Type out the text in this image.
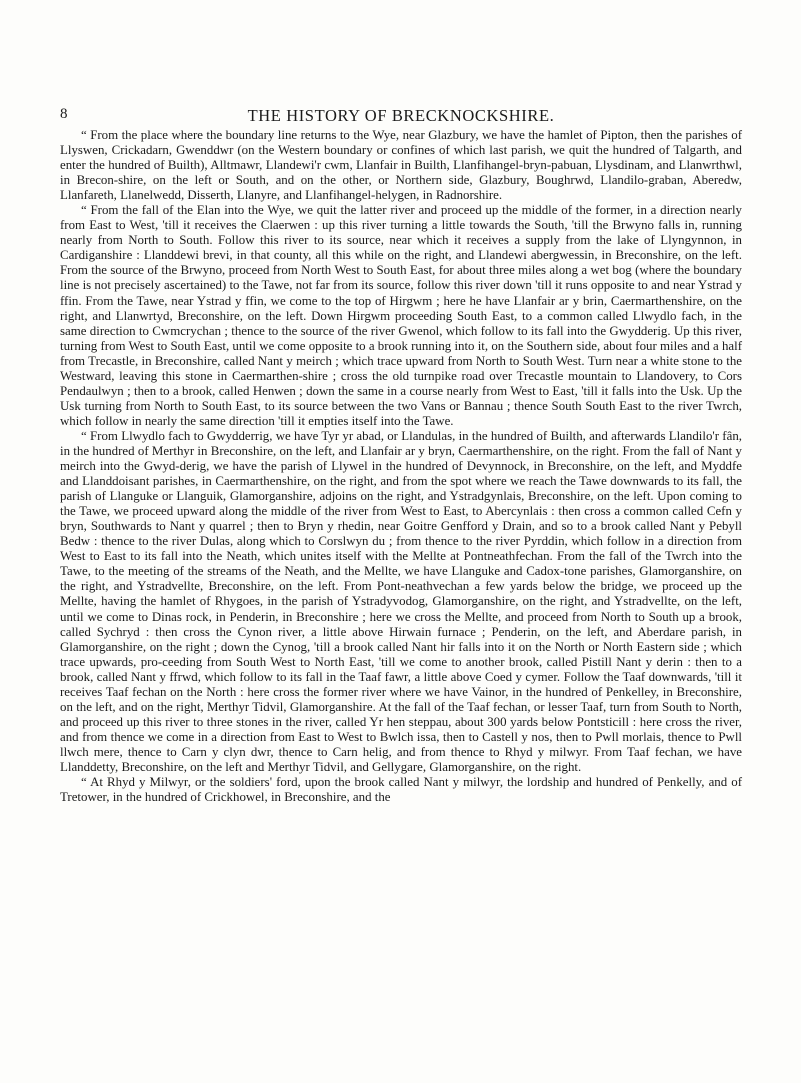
8	THE HISTORY OF BRECKNOCKSHIRE.

“ From the place where the boundary line returns to the Wye, near Glazbury, we have the hamlet of Pipton, then the parishes of Llyswen, Crickadarn, Gwenddwr (on the Western boundary or confines of which last parish, we quit the hundred of Talgarth, and enter the hundred of Builth), Alltmawr, Llandewi'r cwm, Llanfair in Builth, Llanfihangel-bryn-pabuan, Llysdinam, and Llanwrthwl, in Brecon-shire, on the left or South, and on the other, or Northern side, Glazbury, Boughrwd, Llandilo-graban, Aberedw, Llanfareth, Llanelwedd, Disserth, Llanyre, and Llanfihangel-helygen, in Radnorshire.

“ From the fall of the Elan into the Wye, we quit the latter river and proceed up the middle of the former, in a direction nearly from East to West, 'till it receives the Claerwen : up this river turning a little towards the South, 'till the Brwyno falls in, running nearly from North to South. Follow this river to its source, near which it receives a supply from the lake of Llyngynnon, in Cardiganshire : Llanddewi brevi, in that county, all this while on the right, and Llandewi abergwessin, in Breconshire, on the left. From the source of the Brwyno, proceed from North West to South East, for about three miles along a wet bog (where the boundary line is not precisely ascertained) to the Tawe, not far from its source, follow this river down 'till it runs opposite to and near Ystrad y ffin. From the Tawe, near Ystrad y ffin, we come to the top of Hirgwm ; here he have Llanfair ar y brin, Caermarthenshire, on the right, and Llanwrtyd, Breconshire, on the left. Down Hirgwm proceeding South East, to a common called Llwydlo fach, in the same direction to Cwmcrychan ; thence to the source of the river Gwenol, which follow to its fall into the Gwydderig. Up this river, turning from West to South East, until we come opposite to a brook running into it, on the Southern side, about four miles and a half from Trecastle, in Breconshire, called Nant y meirch ; which trace upward from North to South West. Turn near a white stone to the Westward, leaving this stone in Caermarthen-shire ; cross the old turnpike road over Trecastle mountain to Llandovery, to Cors Pendaulwyn ; then to a brook, called Henwen ; down the same in a course nearly from West to East, 'till it falls into the Usk. Up the Usk turning from North to South East, to its source between the two Vans or Bannau ; thence South South East to the river Twrch, which follow in nearly the same direction 'till it empties itself into the Tawe.

“ From Llwydlo fach to Gwydderrig, we have Tyr yr abad, or Llandulas, in the hundred of Builth, and afterwards Llandilo'r fân, in the hundred of Merthyr in Breconshire, on the left, and Llanfair ar y bryn, Caermarthenshire, on the right. From the fall of Nant y meirch into the Gwyd-derig, we have the parish of Llywel in the hundred of Devynnock, in Breconshire, on the left, and Myddfe and Llanddoisant parishes, in Caermarthenshire, on the right, and from the spot where we reach the Tawe downwards to its fall, the parish of Llanguke or Llanguik, Glamorganshire, adjoins on the right, and Ystradgynlais, Breconshire, on the left. Upon coming to the Tawe, we proceed upward along the middle of the river from West to East, to Abercynlais : then cross a common called Cefn y bryn, Southwards to Nant y quarrel ; then to Bryn y rhedin, near Goitre Genfford y Drain, and so to a brook called Nant y Pebyll Bedw : thence to the river Dulas, along which to Corslwyn du ; from thence to the river Pyrddin, which follow in a direction from West to East to its fall into the Neath, which unites itself with the Mellte at Pontneathfechan. From the fall of the Twrch into the Tawe, to the meeting of the streams of the Neath, and the Mellte, we have Llanguke and Cadox-tone parishes, Glamorganshire, on the right, and Ystradvellte, Breconshire, on the left. From Pont-neathvechan a few yards below the bridge, we proceed up the Mellte, having the hamlet of Rhygoes, in the parish of Ystradyvodog, Glamorganshire, on the right, and Ystradvellte, on the left, until we come to Dinas rock, in Penderin, in Breconshire ; here we cross the Mellte, and proceed from North to South up a brook, called Sychryd : then cross the Cynon river, a little above Hirwain furnace ; Penderin, on the left, and Aberdare parish, in Glamorganshire, on the right ; down the Cynog, 'till a brook called Nant hir falls into it on the North or North Eastern side ; which trace upwards, pro-ceeding from South West to North East, 'till we come to another brook, called Pistill Nant y derin : then to a brook, called Nant y ffrwd, which follow to its fall in the Taaf fawr, a little above Coed y cymer. Follow the Taaf downwards, 'till it receives Taaf fechan on the North : here cross the former river where we have Vainor, in the hundred of Penkelley, in Breconshire, on the left, and on the right, Merthyr Tidvil, Glamorganshire. At the fall of the Taaf fechan, or lesser Taaf, turn from South to North, and proceed up this river to three stones in the river, called Yr hen steppau, about 300 yards below Pontsticill : here cross the river, and from thence we come in a direction from East to West to Bwlch issa, then to Castell y nos, then to Pwll morlais, thence to Pwll llwch mere, thence to Carn y clyn dwr, thence to Carn helig, and from thence to Rhyd y milwyr. From Taaf fechan, we have Llanddetty, Breconshire, on the left and Merthyr Tidvil, and Gellygare, Glamorganshire, on the right.

“ At Rhyd y Milwyr, or the soldiers' ford, upon the brook called Nant y milwyr, the lordship and hundred of Penkelly, and of Tretower, in the hundred of Crickhowel, in Breconshire, and the
